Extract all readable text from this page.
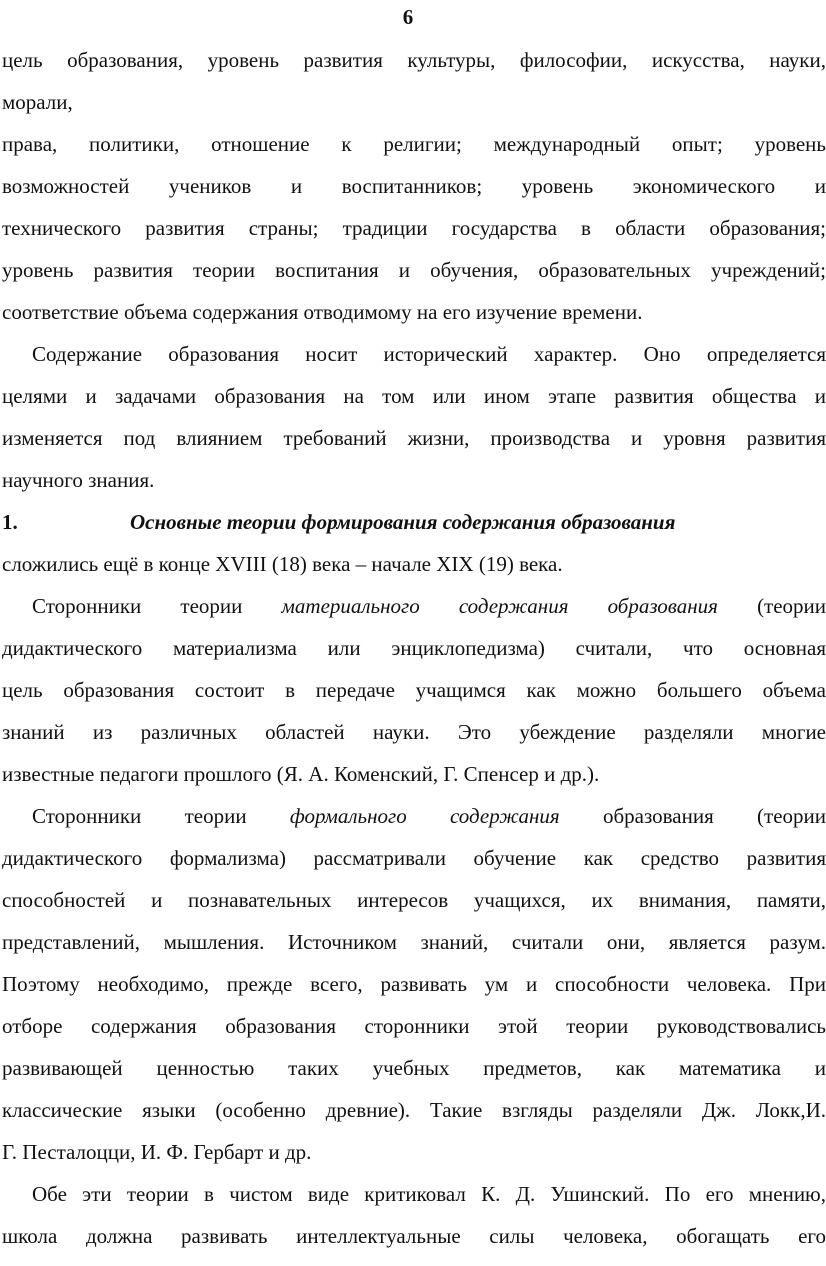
6
цель образования, уровень развития культуры, философии, искусства, науки,
морали,
права, политики, отношение к религии; международный опыт; уровень
возможностей учеников и воспитанников; уровень экономического и
технического развития страны; традиции государства в области образования;
уровень развития теории воспитания и обучения, образовательных учреждений;
соответствие объема содержания отводимому на его изучение времени.
Содержание образования носит исторический характер. Оно определяется
целями и задачами образования на том или ином этапе развития общества и
изменяется под влиянием требований жизни, производства и уровня развития
научного знания.
1.	Основные теории формирования содержания образования
сложились ещё в конце XVIII (18) века – начале XIX (19) века.
Сторонники теории материального содержания образования (теории
дидактического материализма или энциклопедизма) считали, что основная
цель образования состоит в передаче учащимся как можно большего объема
знаний из различных областей науки. Это убеждение разделяли многие
известные педагоги прошлого (Я. А. Коменский, Г. Спенсер и др.).
Сторонники теории формального содержания образования (теории
дидактического формализма) рассматривали обучение как средство развития
способностей и познавательных интересов учащихся, их внимания, памяти,
представлений, мышления. Источником знаний, считали они, является разум.
Поэтому необходимо, прежде всего, развивать ум и способности человека. При
отборе содержания образования сторонники этой теории руководствовались
развивающей ценностью таких учебных предметов, как математика и
классические языки (особенно древние). Такие взгляды разделяли Дж. Локк,И.
Г. Песталоцци, И. Ф. Гербарт и др.
Обе эти теории в чистом виде критиковал К. Д. Ушинский. По его мнению,
школа должна развивать интеллектуальные силы человека, обогащать его
